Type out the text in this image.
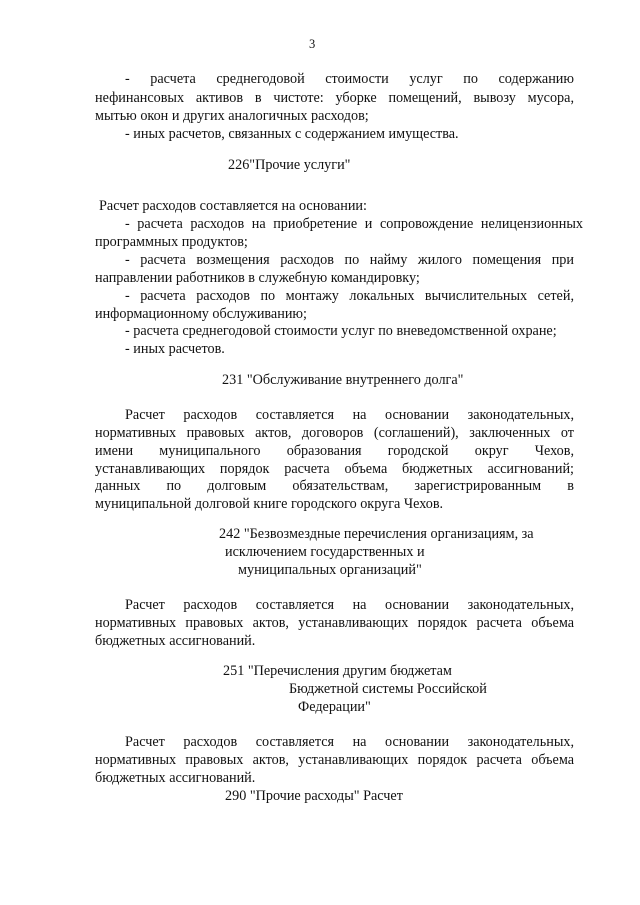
3
- расчета среднегодовой стоимости услуг по содержанию
нефинансовых активов в чистоте: уборке помещений, вывозу мусора,
мытью окон и других аналогичных расходов;
- иных расчетов, связанных с содержанием имущества.
226"Прочие услуги"
Расчет расходов составляется на основании:
- расчета расходов на приобретение и сопровождение нелицензионных
программных продуктов;
- расчета возмещения расходов по найму жилого помещения при
направлении работников в служебную командировку;
- расчета расходов по монтажу локальных вычислительных сетей,
информационному обслуживанию;
- расчета среднегодовой стоимости услуг по вневедомственной охране;
- иных расчетов.
231 "Обслуживание внутреннего долга"
Расчет расходов составляется на основании законодательных,
нормативных правовых актов, договоров (соглашений), заключенных от
имени муниципального образования городской округ Чехов,
устанавливающих порядок расчета объема бюджетных ассигнований;
данных по долговым обязательствам, зарегистрированным в
муниципальной долговой книге городского округа Чехов.
242 "Безвозмездные перечисления организациям, за
исключением государственных и
муниципальных организаций"
Расчет расходов составляется на основании законодательных,
нормативных правовых актов, устанавливающих порядок расчета объема
бюджетных ассигнований.
251 "Перечисления другим бюджетам
Бюджетной системы Российской
Федерации"
Расчет расходов составляется на основании законодательных,
нормативных правовых актов, устанавливающих порядок расчета объема
бюджетных ассигнований.
290 "Прочие расходы" Расчет
